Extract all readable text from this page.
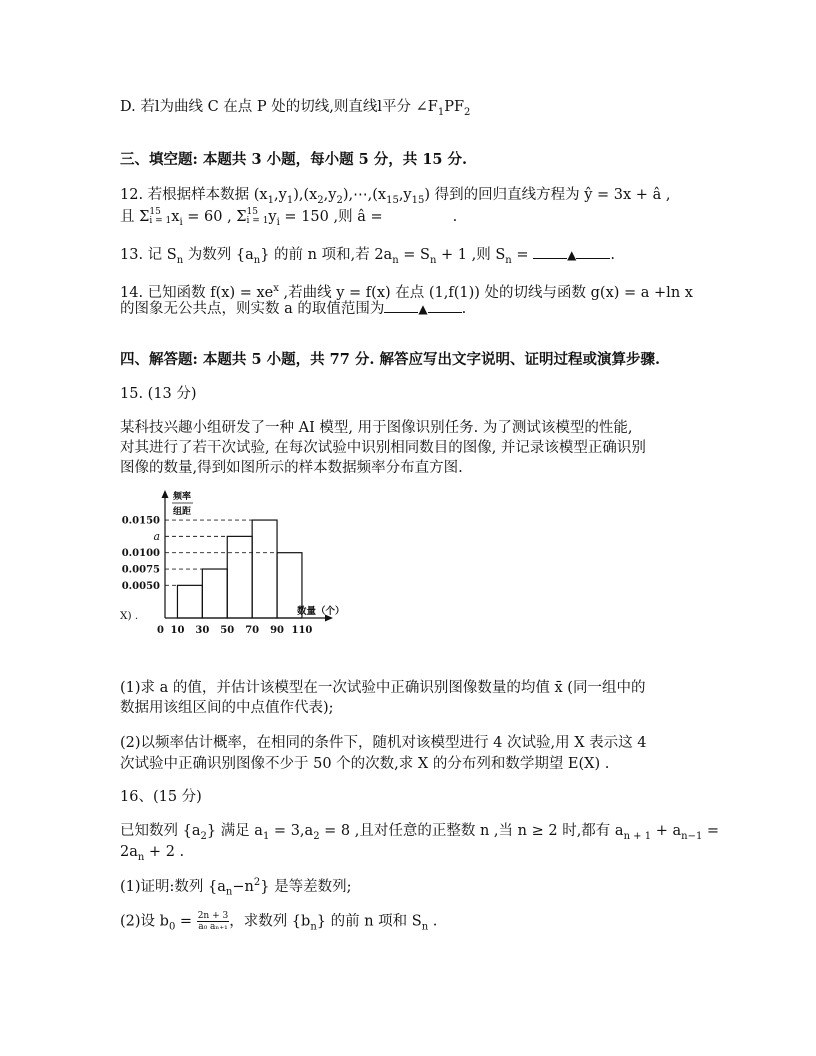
D. 若l为曲线 C 在点 P 处的切线,则直线l平分 $\angle F_1PF_2$
三、填空题: 本题共 3 小题，每小题 5 分，共 15 分.
12. 若根据样本数据 $(x_1,y_1),(x_2,y_2),\cdots,(x_{15},y_{15})$ 得到的回归直线方程为 ŷ = 3x + â ,
且 Σ 15
i = 1 $x_i = 60$ , Σ 15
i = 1 $y_i = 150$ ,则 â =	.
13. 记 $S_n$ 为数列 $\{a_n\}$ 的前 n 项和,若 $2a_n = S_n + 1$ ,则 $S_n$ =	▲ .
14. 已知函数 $f(x) = xe^x$ ,若曲线 y = f(x) 在点 (1,f(1)) 处的切线与函数 g(x) = a +ln x
的图象无公共点，则实数 a 的取值范围为	▲ .
四、解答题: 本题共 5 小题，共 77 分. 解答应写出文字说明、证明过程或演算步骤.
15. (13 分)
某科技兴趣小组研发了一种 AI 模型, 用于图像识别任务. 为了测试该模型的性能,
对其进行了若干次试验, 在每次试验中识别相同数目的图像, 并记录该模型正确识别
图像的数量,得到如图所示的样本数据频率分布直方图.
频率
组距
0.0150
a
0.0100
0.0075
0.0050
10 30 50 70 90 110
0
数量（个）
X) .
(1)求 a 的值，并估计该模型在一次试验中正确识别图像数量的均值 x̄ (同一组中的
数据用该组区间的中点值作代表);
(2)以频率估计概率，在相同的条件下，随机对该模型进行 4 次试验,用 X 表示这 4
次试验中正确识别图像不少于 50 个的次数,求 X 的分布列和数学期望 E(X) .
16、(15 分)
已知数列 $\{a_2\}$ 满足 $a_1 = 3,a_2 = 8$ ,且对任意的正整数 n ,当 n ≥ 2 时,都有 $a_{n + 1} + a_{n-1}$ =
$2a_n + 2$ .
(1)证明:数列 $\{a_n-n^2\}$ 是等差数列;
(2)设 $b_0 = \frac{2n + 3}{\text{a₀ aₙ₊₁}}$ ，求数列 $\{b_n\}$ 的前 n 项和 $S_n$ .
